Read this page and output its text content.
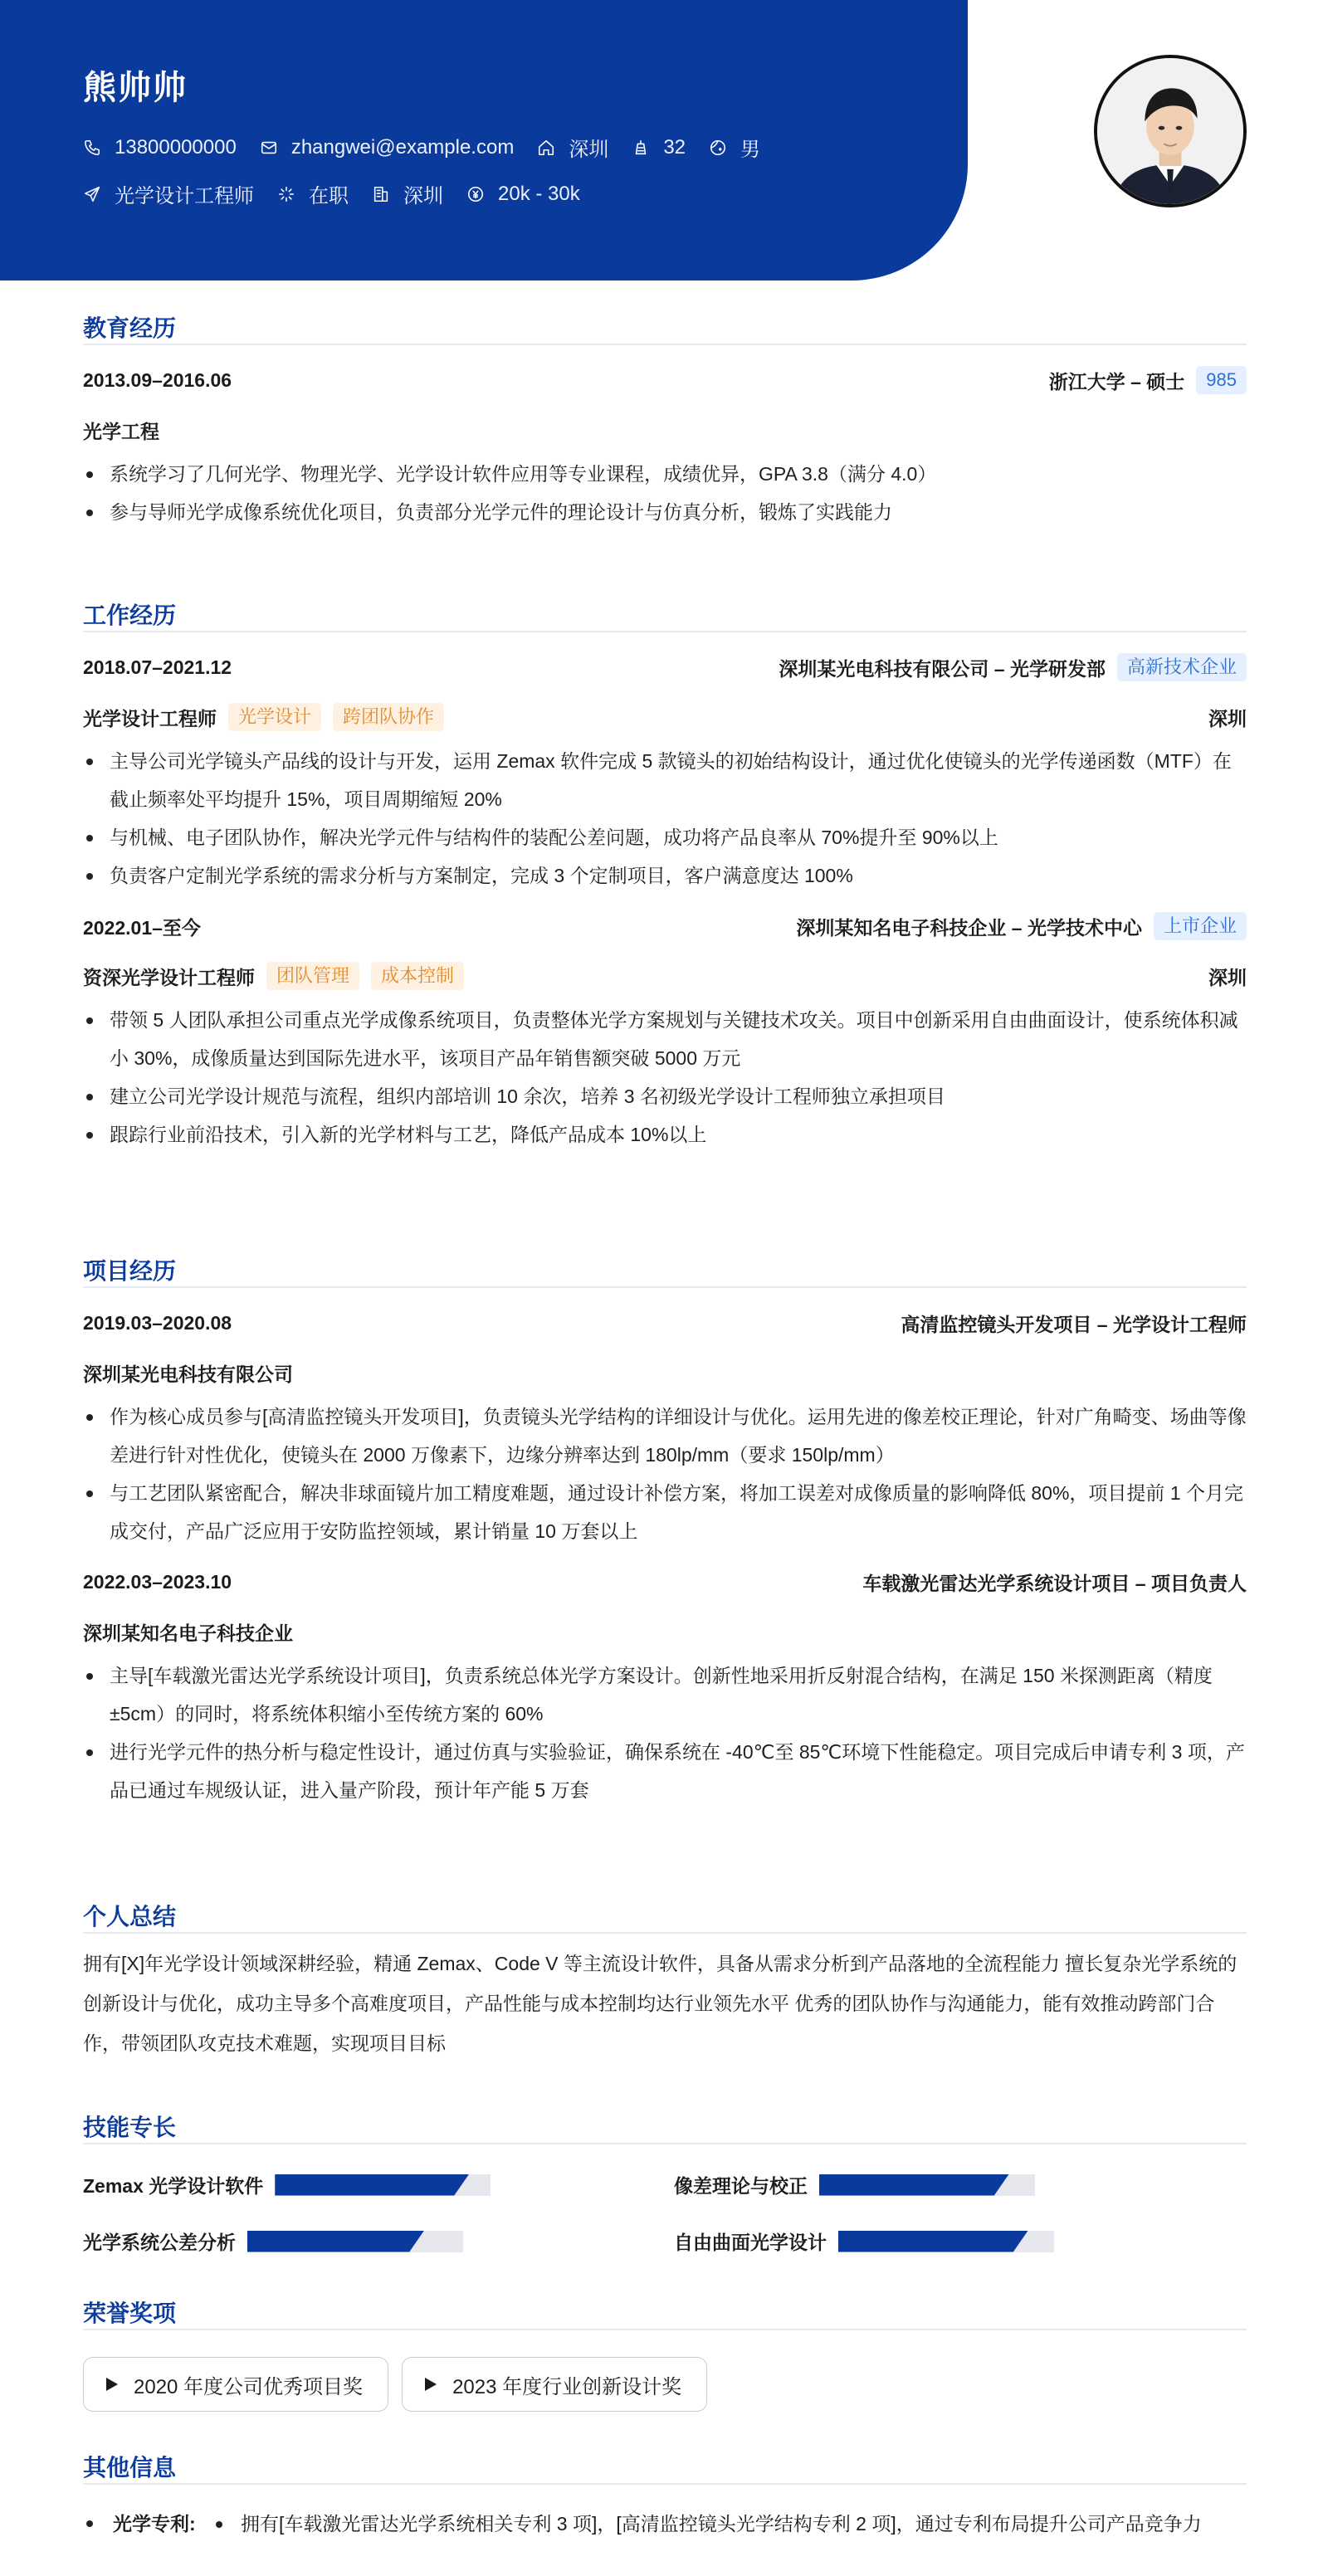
熊帅帅
13800000000	zhangwei@example.com	深圳	32	男
光学设计工程师	在职	深圳	20k - 30k
教育经历
2013.09–2016.06	浙江大学 – 硕士	985
光学工程
系统学习了几何光学、物理光学、光学设计软件应用等专业课程，成绩优异，GPA 3.8（满分 4.0）
参与导师光学成像系统优化项目，负责部分光学元件的理论设计与仿真分析，锻炼了实践能力
工作经历
2018.07–2021.12	深圳某光电科技有限公司 – 光学研发部	高新技术企业
光学设计工程师	光学设计	跨团队协作	深圳
主导公司光学镜头产品线的设计与开发，运用 Zemax 软件完成 5 款镜头的初始结构设计，通过优化使镜头的光学传递函数（MTF）在截止频率处平均提升 15%，项目周期缩短 20%
与机械、电子团队协作，解决光学元件与结构件的装配公差问题，成功将产品良率从 70%提升至 90%以上
负责客户定制光学系统的需求分析与方案制定，完成 3 个定制项目，客户满意度达 100%
2022.01–至今	深圳某知名电子科技企业 – 光学技术中心	上市企业
资深光学设计工程师	团队管理	成本控制	深圳
带领 5 人团队承担公司重点光学成像系统项目，负责整体光学方案规划与关键技术攻关。项目中创新采用自由曲面设计，使系统体积减小 30%，成像质量达到国际先进水平，该项目产品年销售额突破 5000 万元
建立公司光学设计规范与流程，组织内部培训 10 余次，培养 3 名初级光学设计工程师独立承担项目
跟踪行业前沿技术，引入新的光学材料与工艺，降低产品成本 10%以上
项目经历
2019.03–2020.08	高清监控镜头开发项目 – 光学设计工程师
深圳某光电科技有限公司
作为核心成员参与[高清监控镜头开发项目]，负责镜头光学结构的详细设计与优化。运用先进的像差校正理论，针对广角畸变、场曲等像差进行针对性优化，使镜头在 2000 万像素下，边缘分辨率达到 180lp/mm（要求 150lp/mm）
与工艺团队紧密配合，解决非球面镜片加工精度难题，通过设计补偿方案，将加工误差对成像质量的影响降低 80%，项目提前 1 个月完成交付，产品广泛应用于安防监控领域，累计销量 10 万套以上
2022.03–2023.10	车载激光雷达光学系统设计项目 – 项目负责人
深圳某知名电子科技企业
主导[车载激光雷达光学系统设计项目]，负责系统总体光学方案设计。创新性地采用折反射混合结构，在满足 150 米探测距离（精度±5cm）的同时，将系统体积缩小至传统方案的 60%
进行光学元件的热分析与稳定性设计，通过仿真与实验验证，确保系统在 -40℃至 85℃环境下性能稳定。项目完成后申请专利 3 项，产品已通过车规级认证，进入量产阶段，预计年产能 5 万套
个人总结
拥有[X]年光学设计领域深耕经验，精通 Zemax、Code V 等主流设计软件，具备从需求分析到产品落地的全流程能力 擅长复杂光学系统的创新设计与优化，成功主导多个高难度项目，产品性能与成本控制均达行业领先水平 优秀的团队协作与沟通能力，能有效推动跨部门合作，带领团队攻克技术难题，实现项目目标
技能专长
Zemax 光学设计软件	像差理论与校正
光学系统公差分析	自由曲面光学设计
荣誉奖项
2020 年度公司优秀项目奖	2023 年度行业创新设计奖
其他信息
光学专利:	拥有[车载激光雷达光学系统相关专利 3 项]，[高清监控镜头光学结构专利 2 项]，通过专利布局提升公司产品竞争力
